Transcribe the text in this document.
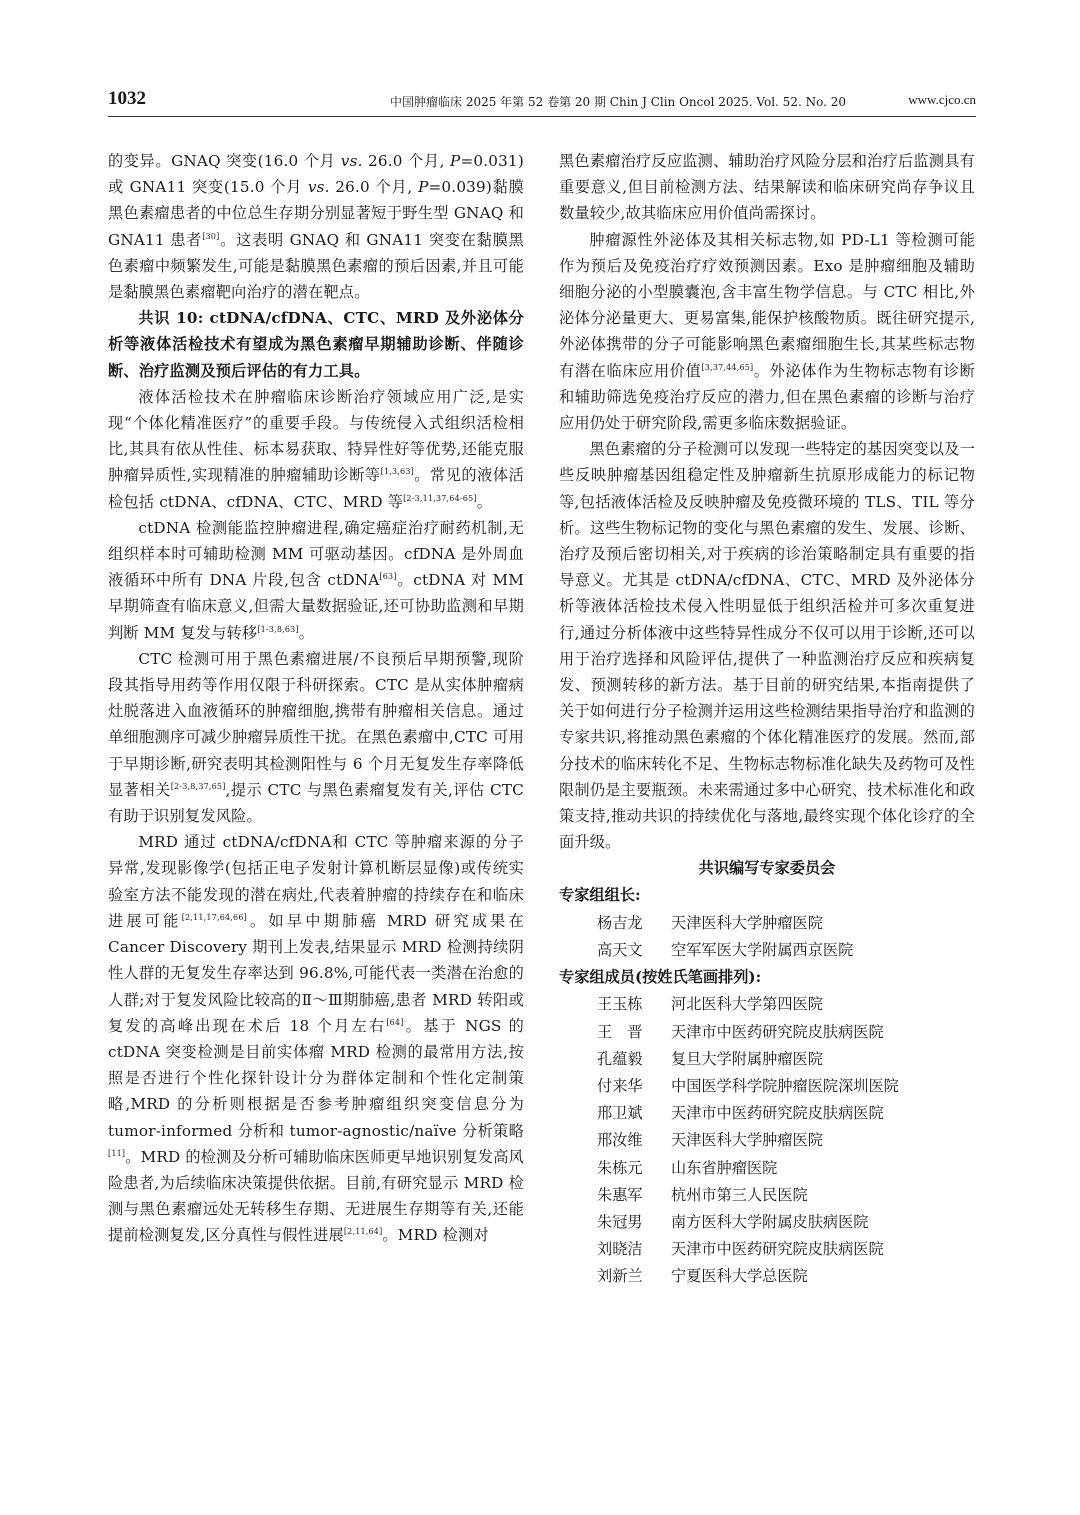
1032	中国肿瘤临床 2025 年第 52 卷第 20 期 Chin J Clin Oncol 2025. Vol. 52. No. 20	www.cjco.cn

的变异。GNAQ 突变(16.0 个月 vs. 26.0 个月, P=0.031)或 GNA11 突变(15.0 个月 vs. 26.0 个月, P=0.039)黏膜黑色素瘤患者的中位总生存期分别显著短于野生型 GNAQ 和 GNA11 患者[30]。这表明 GNAQ 和 GNA11 突变在黏膜黑色素瘤中频繁发生,可能是黏膜黑色素瘤的预后因素,并且可能是黏膜黑色素瘤靶向治疗的潜在靶点。

共识 10: ctDNA/cfDNA、CTC、MRD 及外泌体分析等液体活检技术有望成为黑色素瘤早期辅助诊断、伴随诊断、治疗监测及预后评估的有力工具。

液体活检技术在肿瘤临床诊断治疗领域应用广泛,是实现“个体化精准医疗”的重要手段。与传统侵入式组织活检相比,其具有依从性佳、标本易获取、特异性好等优势,还能克服肿瘤异质性,实现精准的肿瘤辅助诊断等[1,3,63]。常见的液体活检包括 ctDNA、cfDNA、CTC、MRD 等[2-3,11,37,64-65]。

ctDNA 检测能监控肿瘤进程,确定癌症治疗耐药机制,无组织样本时可辅助检测 MM 可驱动基因。cfDNA 是外周血液循环中所有 DNA 片段,包含 ctDNA[63]。ctDNA 对 MM 早期筛查有临床意义,但需大量数据验证,还可协助监测和早期判断 MM 复发与转移[1-3,8,63]。

CTC 检测可用于黑色素瘤进展/不良预后早期预警,现阶段其指导用药等作用仅限于科研探索。CTC 是从实体肿瘤病灶脱落进入血液循环的肿瘤细胞,携带有肿瘤相关信息。通过单细胞测序可减少肿瘤异质性干扰。在黑色素瘤中,CTC 可用于早期诊断,研究表明其检测阳性与 6 个月无复发生存率降低显著相关[2-3,8,37,65],提示 CTC 与黑色素瘤复发有关,评估 CTC 有助于识别复发风险。

MRD 通过 ctDNA/cfDNA和 CTC 等肿瘤来源的分子异常,发现影像学(包括正电子发射计算机断层显像)或传统实验室方法不能发现的潜在病灶,代表着肿瘤的持续存在和临床进展可能[2,11,17,64,66]。如早中期肺癌 MRD 研究成果在 Cancer Discovery 期刊上发表,结果显示 MRD 检测持续阴性人群的无复发生存率达到 96.8%,可能代表一类潜在治愈的人群;对于复发风险比较高的Ⅱ～Ⅲ期肺癌,患者 MRD 转阳或复发的高峰出现在术后 18 个月左右[64]。基于 NGS 的 ctDNA 突变检测是目前实体瘤 MRD 检测的最常用方法,按照是否进行个性化探针设计分为群体定制和个性化定制策略,MRD 的分析则根据是否参考肿瘤组织突变信息分为 tumor-informed 分析和 tumor-agnostic/naïve 分析策略[11]。MRD 的检测及分析可辅助临床医师更早地识别复发高风险患者,为后续临床决策提供依据。目前,有研究显示 MRD 检测与黑色素瘤远处无转移生存期、无进展生存期等有关,还能提前检测复发,区分真性与假性进展[2,11,64]。MRD 检测对

黑色素瘤治疗反应监测、辅助治疗风险分层和治疗后监测具有重要意义,但目前检测方法、结果解读和临床研究尚存争议且数量较少,故其临床应用价值尚需探讨。

肿瘤源性外泌体及其相关标志物,如 PD-L1 等检测可能作为预后及免疫治疗疗效预测因素。Exo 是肿瘤细胞及辅助细胞分泌的小型膜囊泡,含丰富生物学信息。与 CTC 相比,外泌体分泌量更大、更易富集,能保护核酸物质。既往研究提示,外泌体携带的分子可能影响黑色素瘤细胞生长,其某些标志物有潜在临床应用价值[3,37,44,65]。外泌体作为生物标志物有诊断和辅助筛选免疫治疗反应的潜力,但在黑色素瘤的诊断与治疗应用仍处于研究阶段,需更多临床数据验证。

黑色素瘤的分子检测可以发现一些特定的基因突变以及一些反映肿瘤基因组稳定性及肿瘤新生抗原形成能力的标记物等,包括液体活检及反映肿瘤及免疫微环境的 TLS、TIL 等分析。这些生物标记物的变化与黑色素瘤的发生、发展、诊断、治疗及预后密切相关,对于疾病的诊治策略制定具有重要的指导意义。尤其是 ctDNA/cfDNA、CTC、MRD 及外泌体分析等液体活检技术侵入性明显低于组织活检并可多次重复进行,通过分析体液中这些特异性成分不仅可以用于诊断,还可以用于治疗选择和风险评估,提供了一种监测治疗反应和疾病复发、预测转移的新方法。基于目前的研究结果,本指南提供了关于如何进行分子检测并运用这些检测结果指导治疗和监测的专家共识,将推动黑色素瘤的个体化精准医疗的发展。然而,部分技术的临床转化不足、生物标志物标准化缺失及药物可及性限制仍是主要瓶颈。未来需通过多中心研究、技术标准化和政策支持,推动共识的持续优化与落地,最终实现个体化诊疗的全面升级。

共识编写专家委员会

专家组组长:

杨吉龙	天津医科大学肿瘤医院
高天文	空军军医大学附属西京医院

专家组成员(按姓氏笔画排列):

王玉栋	河北医科大学第四医院
王　晋	天津市中医药研究院皮肤病医院
孔蕴毅	复旦大学附属肿瘤医院
付来华	中国医学科学院肿瘤医院深圳医院
邢卫斌	天津市中医药研究院皮肤病医院
邢汝维	天津医科大学肿瘤医院
朱栋元	山东省肿瘤医院
朱惠军	杭州市第三人民医院
朱冠男	南方医科大学附属皮肤病医院
刘晓洁	天津市中医药研究院皮肤病医院
刘新兰	宁夏医科大学总医院
